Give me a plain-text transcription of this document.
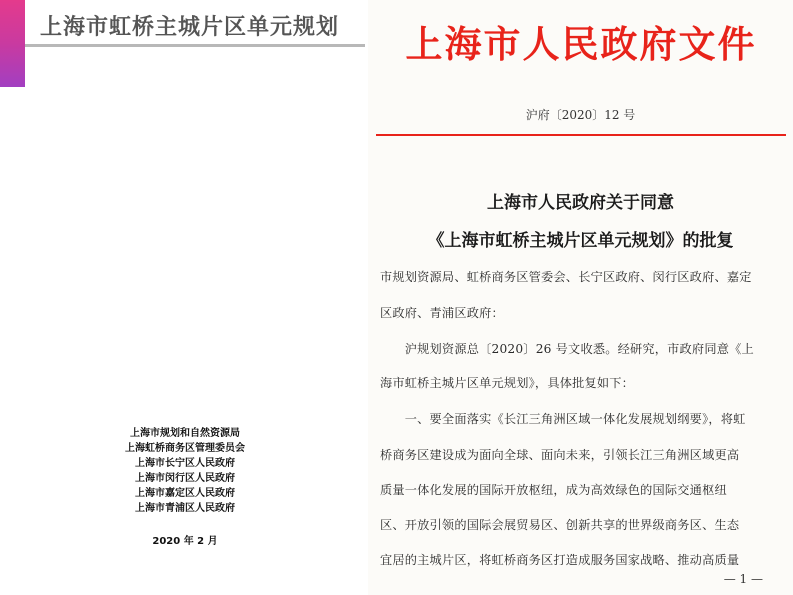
上海市虹桥主城片区单元规划
上海市规划和自然资源局
上海虹桥商务区管理委员会
上海市长宁区人民政府
上海市闵行区人民政府
上海市嘉定区人民政府
上海市青浦区人民政府
2020 年 2 月
上海市人民政府文件
沪府〔2020〕12 号
上海市人民政府关于同意
《上海市虹桥主城片区单元规划》的批复
市规划资源局、虹桥商务区管委会、长宁区政府、闵行区政府、嘉定
区政府、青浦区政府：
　　沪规划资源总〔2020〕26 号文收悉。经研究，市政府同意《上
海市虹桥主城片区单元规划》，具体批复如下：
　　一、要全面落实《长江三角洲区域一体化发展规划纲要》，将虹
桥商务区建设成为面向全球、面向未来，引领长江三角洲区域更高
质量一体化发展的国际开放枢纽，成为高效绿色的国际交通枢纽
区、开放引领的国际会展贸易区、创新共享的世界级商务区、生态
宜居的主城片区，将虹桥商务区打造成服务国家战略、推动高质量
— 1 —
